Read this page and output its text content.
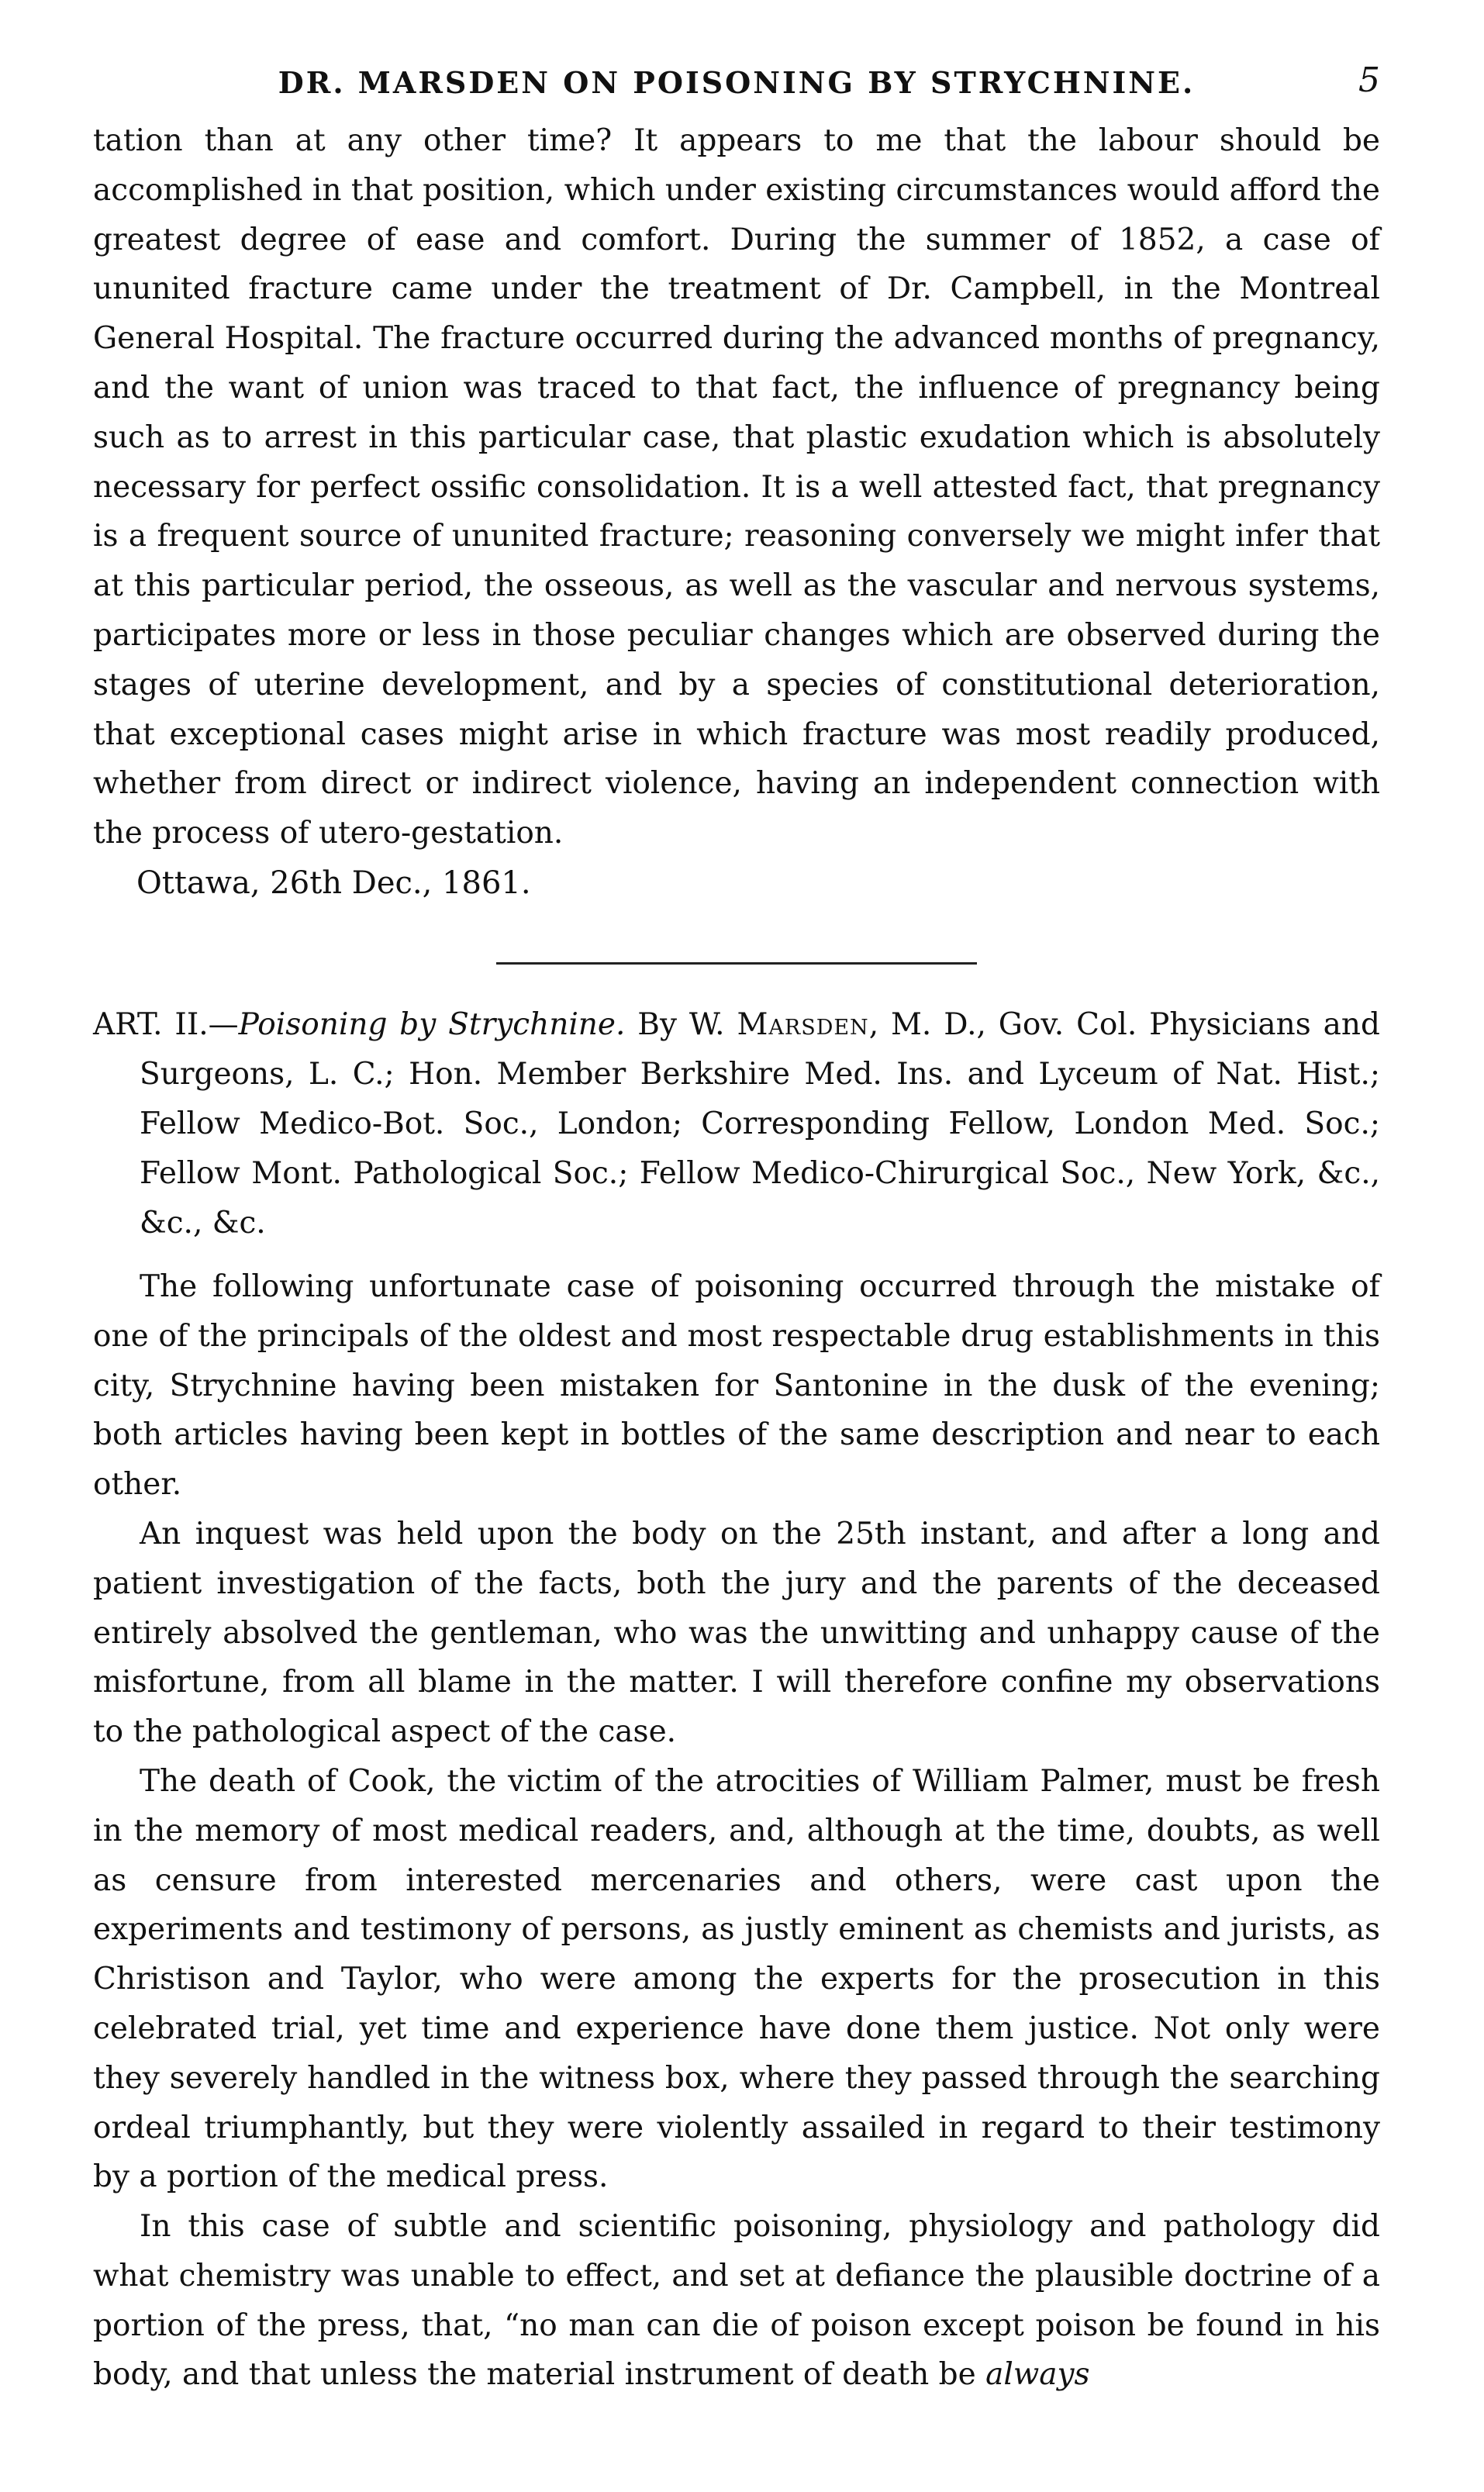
DR. MARSDEN ON POISONING BY STRYCHNINE.	5

tation than at any other time? It appears to me that the labour should be accomplished in that position, which under existing circumstances would afford the greatest degree of ease and comfort. During the summer of 1852, a case of ununited fracture came under the treatment of Dr. Campbell, in the Montreal General Hospital. The fracture occurred during the advanced months of pregnancy, and the want of union was traced to that fact, the influence of pregnancy being such as to arrest in this particular case, that plastic exudation which is absolutely necessary for perfect ossific consolidation. It is a well attested fact, that pregnancy is a frequent source of ununited fracture; reasoning conversely we might infer that at this particular period, the osseous, as well as the vascular and nervous systems, participates more or less in those peculiar changes which are observed during the stages of uterine development, and by a species of constitutional deterioration, that exceptional cases might arise in which fracture was most readily produced, whether from direct or indirect violence, having an independent connection with the process of utero-gestation.

Ottawa, 26th Dec., 1861.

ART. II.—Poisoning by Strychnine. By W. Marsden, M. D., Gov. Col. Physicians and Surgeons, L. C.; Hon. Member Berkshire Med. Ins. and Lyceum of Nat. Hist.; Fellow Medico-Bot. Soc., London; Corresponding Fellow, London Med. Soc.; Fellow Mont. Pathological Soc.; Fellow Medico-Chirurgical Soc., New York, &c., &c., &c.

The following unfortunate case of poisoning occurred through the mistake of one of the principals of the oldest and most respectable drug establishments in this city, Strychnine having been mistaken for Santonine in the dusk of the evening; both articles having been kept in bottles of the same description and near to each other.

An inquest was held upon the body on the 25th instant, and after a long and patient investigation of the facts, both the jury and the parents of the deceased entirely absolved the gentleman, who was the unwitting and unhappy cause of the misfortune, from all blame in the matter. I will therefore confine my observations to the pathological aspect of the case.

The death of Cook, the victim of the atrocities of William Palmer, must be fresh in the memory of most medical readers, and, although at the time, doubts, as well as censure from interested mercenaries and others, were cast upon the experiments and testimony of persons, as justly eminent as chemists and jurists, as Christison and Taylor, who were among the experts for the prosecution in this celebrated trial, yet time and experience have done them justice. Not only were they severely handled in the witness box, where they passed through the searching ordeal triumphantly, but they were violently assailed in regard to their testimony by a portion of the medical press.

In this case of subtle and scientific poisoning, physiology and pathology did what chemistry was unable to effect, and set at defiance the plausible doctrine of a portion of the press, that, “no man can die of poison except poison be found in his body, and that unless the material instrument of death be always
